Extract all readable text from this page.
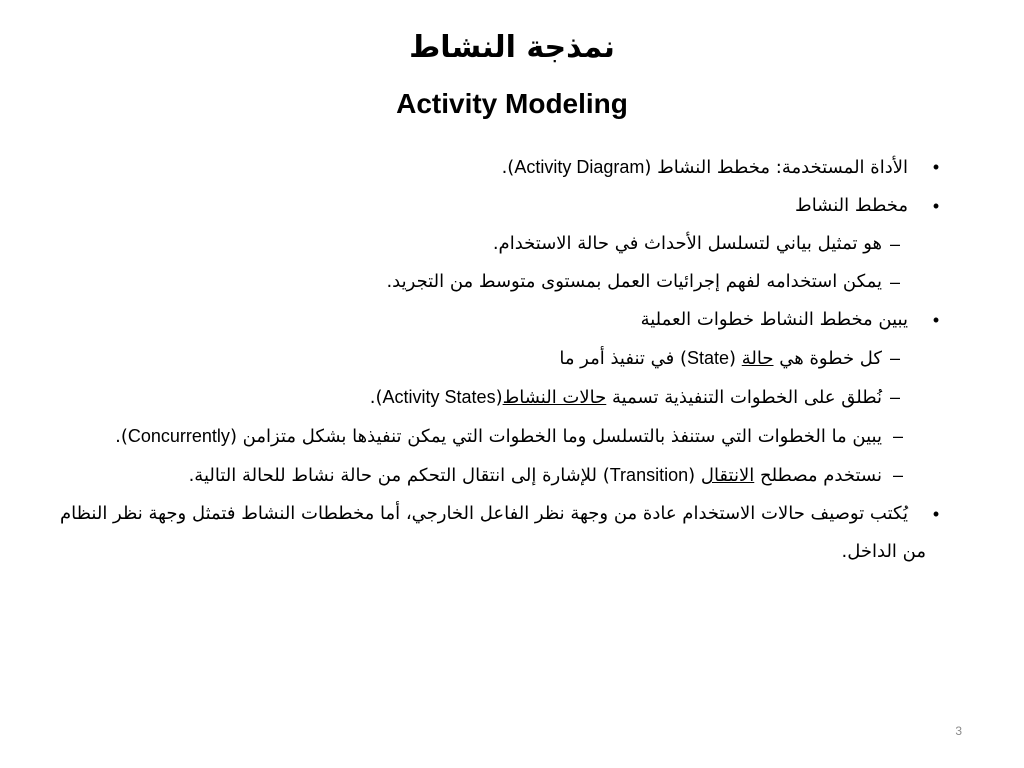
نمذجة النشاط
Activity Modeling
•
الأداة المستخدمة: مخطط النشاط (Activity Diagram).
•
مخطط النشاط
–
هو تمثيل بياني لتسلسل الأحداث في حالة الاستخدام.
–
يمكن استخدامه لفهم إجرائيات العمل بمستوى متوسط من التجريد.
•
يبين مخطط النشاط خطوات العملية
–
كل خطوة هي حالة (State) في تنفيذ أمر ما
–
نُطلق على الخطوات التنفيذية تسمية حالات النشاط(Activity States).
–
يبين ما الخطوات التي ستنفذ بالتسلسل وما الخطوات التي يمكن تنفيذها بشكل متزامن (Concurrently).
–
نستخدم مصطلح الانتقال (Transition) للإشارة إلى انتقال التحكم من حالة نشاط للحالة التالية.
•
يُكتب توصيف حالات الاستخدام عادة من وجهة نظر الفاعل الخارجي، أما مخططات النشاط فتمثل وجهة نظر النظام من الداخل.
3
